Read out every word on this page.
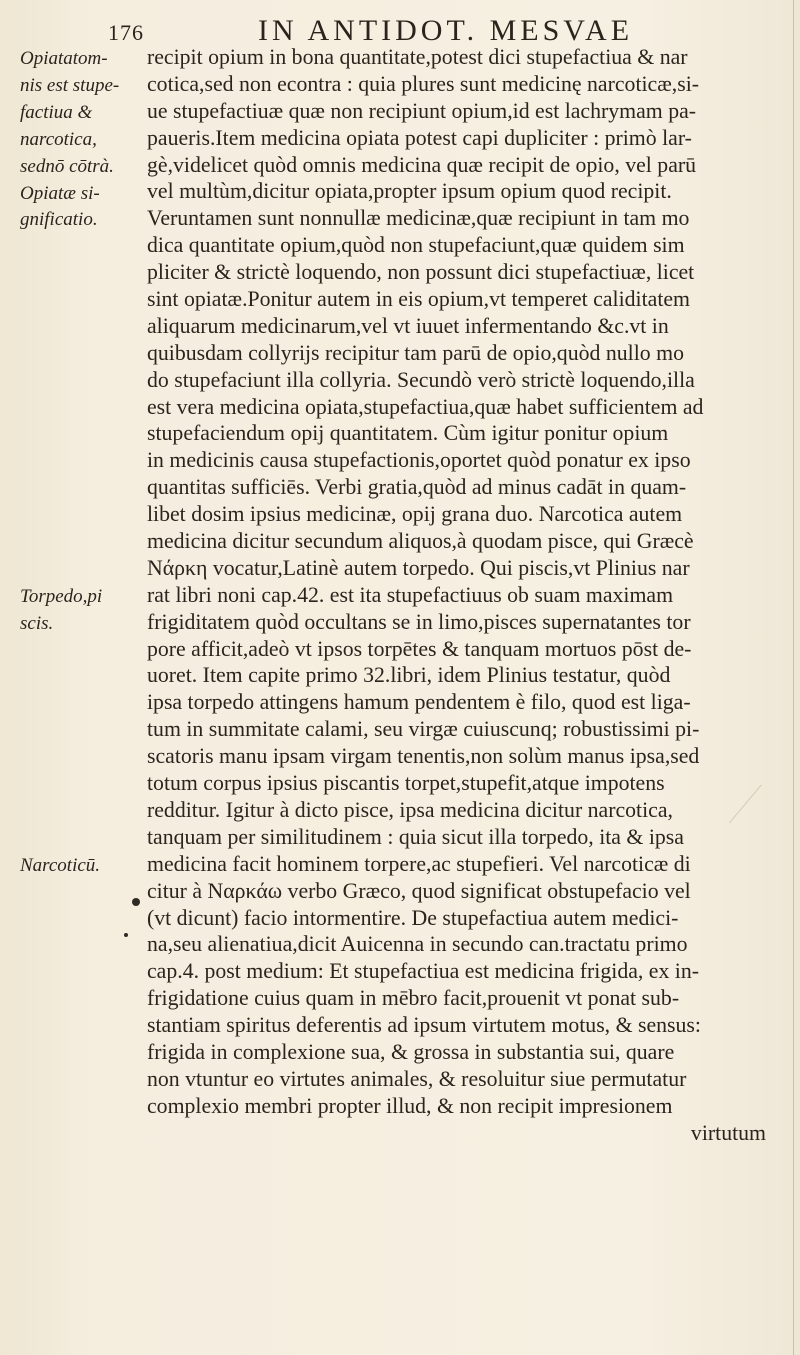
176	IN ANTIDOT. MESVAE
Opiatatom-
nis est stupe-
factiua &
narcotica,
sednō cōtrà.
Opiatæ si-
gnificatio.
Torpedo,pi
scis.
Narcoticū.
recipit opium in bona quantitate,potest dici stupefactiua & nar
cotica,sed non econtra : quia plures sunt medicinę narcoticæ,si-
ue stupefactiuæ quæ non recipiunt opium,id est lachrymam pa-
paueris.Item medicina opiata potest capi dupliciter : primò lar-
gè,videlicet quòd omnis medicina quæ recipit de opio, vel parū
vel multùm,dicitur opiata,propter ipsum opium quod recipit.
Veruntamen sunt nonnullæ medicinæ,quæ recipiunt in tam mo
dica quantitate opium,quòd non stupefaciunt,quæ quidem sim
pliciter & strictè loquendo, non possunt dici stupefactiuæ, licet
sint opiatæ.Ponitur autem in eis opium,vt temperet caliditatem
aliquarum medicinarum,vel vt iuuet infermentando &c.vt in
quibusdam collyrijs recipitur tam parū de opio,quòd nullo mo
do stupefaciunt illa collyria. Secundò verò strictè loquendo,illa
est vera medicina opiata,stupefactiua,quæ habet sufficientem ad
stupefaciendum opij quantitatem. Cùm igitur ponitur opium
in medicinis causa stupefactionis,oportet quòd ponatur ex ipso
quantitas sufficiēs. Verbi gratia,quòd ad minus cadāt in quam-
libet dosim ipsius medicinæ, opij grana duo. Narcotica autem
medicina dicitur secundum aliquos,à quodam pisce, qui Græcè
Νάρκη vocatur,Latinè autem torpedo. Qui piscis,vt Plinius nar
rat libri noni cap.42. est ita stupefactiuus ob suam maximam
frigiditatem quòd occultans se in limo,pisces supernatantes tor
pore afficit,adeò vt ipsos torpētes & tanquam mortuos pōst de-
uoret. Item capite primo 32.libri, idem Plinius testatur, quòd
ipsa torpedo attingens hamum pendentem è filo, quod est liga-
tum in summitate calami, seu virgæ cuiuscunq; robustissimi pi-
scatoris manu ipsam virgam tenentis,non solùm manus ipsa,sed
totum corpus ipsius piscantis torpet,stupefit,atque impotens
redditur. Igitur à dicto pisce, ipsa medicina dicitur narcotica,
tanquam per similitudinem : quia sicut illa torpedo, ita & ipsa
medicina facit hominem torpere,ac stupefieri. Vel narcoticæ di
citur à Ναρκάω verbo Græco, quod significat obstupefacio vel
(vt dicunt) facio intormentire. De stupefactiua autem medici-
na,seu alienatiua,dicit Auicenna in secundo can.tractatu primo
cap.4. post medium: Et stupefactiua est medicina frigida, ex in-
frigidatione cuius quam in mēbro facit,prouenit vt ponat sub-
stantiam spiritus deferentis ad ipsum virtutem motus, & sensus:
frigida in complexione sua, & grossa in substantia sui, quare
non vtuntur eo virtutes animales, & resoluitur siue permutatur
complexio membri propter illud, & non recipit impresionem
virtutum
